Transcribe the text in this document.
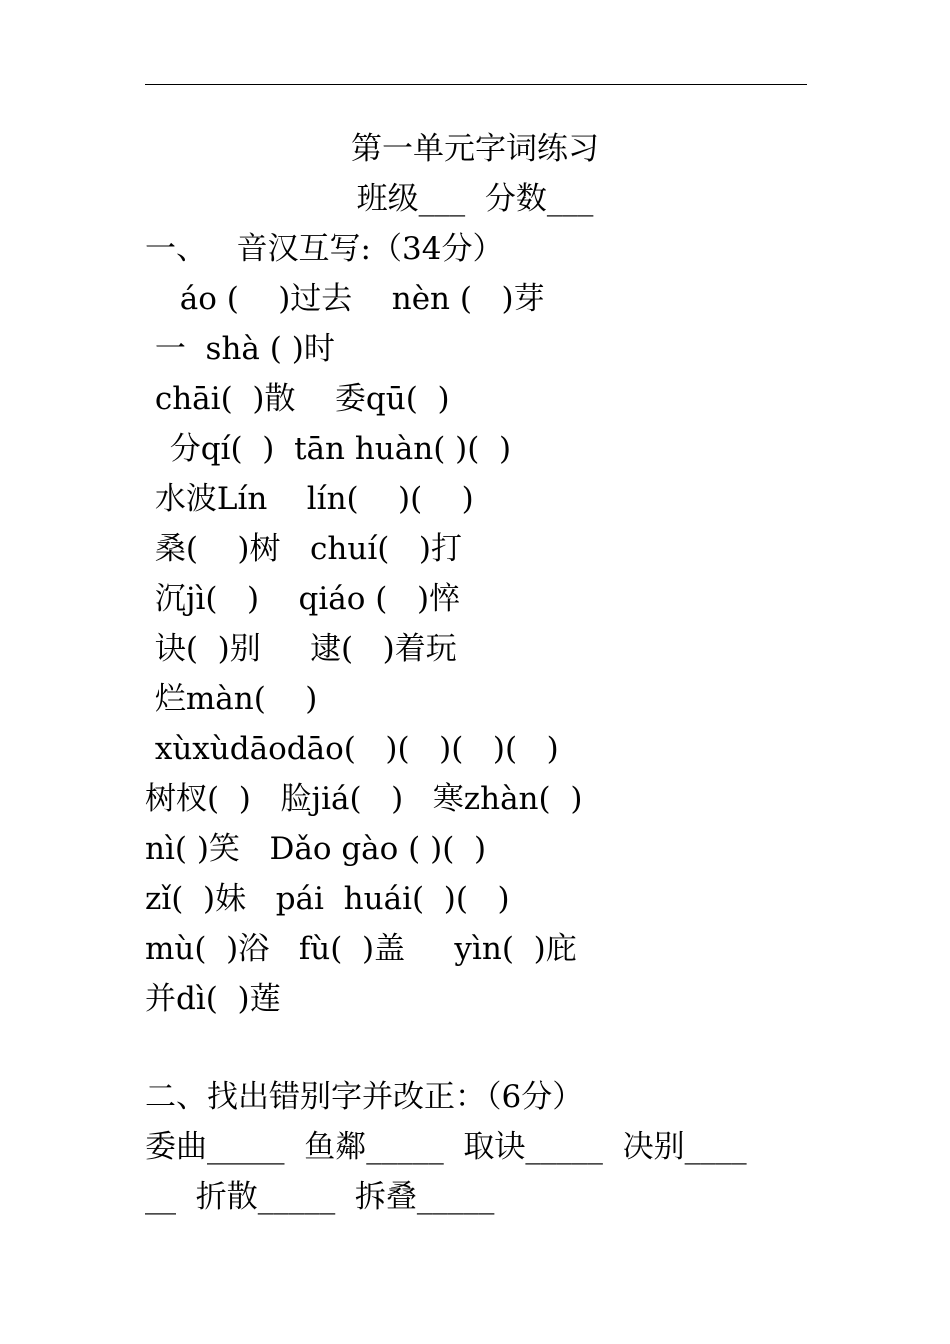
第一单元字词练习
班级___  分数___
一、   音汉互写:（34分）
áo (    )过去    nèn (   )芽
一  shà ( )时
chāi(  )散    委qū(  )
分qí(  )  tān huàn( )(  )
水波Lín    lín(    )(    )
桑(    )树   chuí(   )打
沉jì(   )    qiáo (   )悴
诀(  )别     逮(   )着玩
烂màn(    )
xùxùdāodāo(   )(   )(   )(   )
树杈(  )   脸jiá(   )   寒zhàn(  )
nì( )笑   Dǎo gào ( )(  )
zǐ(  )妹   pái  huái(  )(   )
mù(  )浴   fù(  )盖     yìn(  )庇
并dì(  )莲
二、找出错别字并改正：（6分）
委曲_____  鱼鄰_____  取诀_____  决别____
__  折散_____  拆叠_____
